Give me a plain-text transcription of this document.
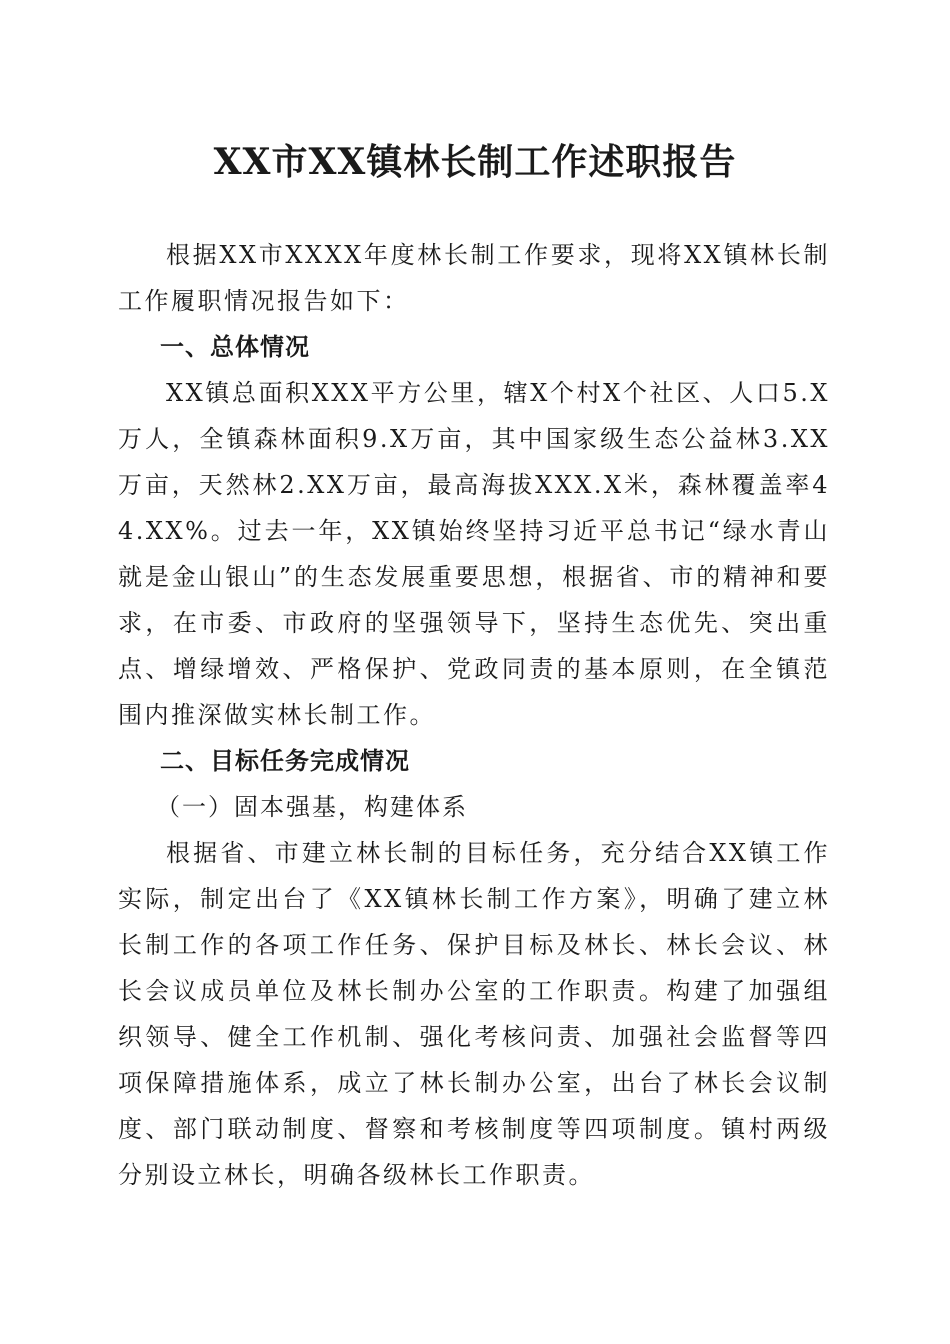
XX市XX镇林长制工作述职报告

根据XX市XXXX年度林长制工作要求，现将XX镇林长制工作履职情况报告如下：

一、总体情况

XX镇总面积XXX平方公里，辖X个村X个社区、人口5.X万人，全镇森林面积9.X万亩，其中国家级生态公益林3.XX万亩，天然林2.XX万亩，最高海拔XXX.X米，森林覆盖率44.XX%。过去一年，XX镇始终坚持习近平总书记“绿水青山就是金山银山”的生态发展重要思想，根据省、市的精神和要求，在市委、市政府的坚强领导下，坚持生态优先、突出重点、增绿增效、严格保护、党政同责的基本原则，在全镇范围内推深做实林长制工作。

二、目标任务完成情况

（一）固本强基，构建体系

根据省、市建立林长制的目标任务，充分结合XX镇工作实际，制定出台了《XX镇林长制工作方案》，明确了建立林长制工作的各项工作任务、保护目标及林长、林长会议、林长会议成员单位及林长制办公室的工作职责。构建了加强组织领导、健全工作机制、强化考核问责、加强社会监督等四项保障措施体系，成立了林长制办公室，出台了林长会议制度、部门联动制度、督察和考核制度等四项制度。镇村两级分别设立林长，明确各级林长工作职责。
